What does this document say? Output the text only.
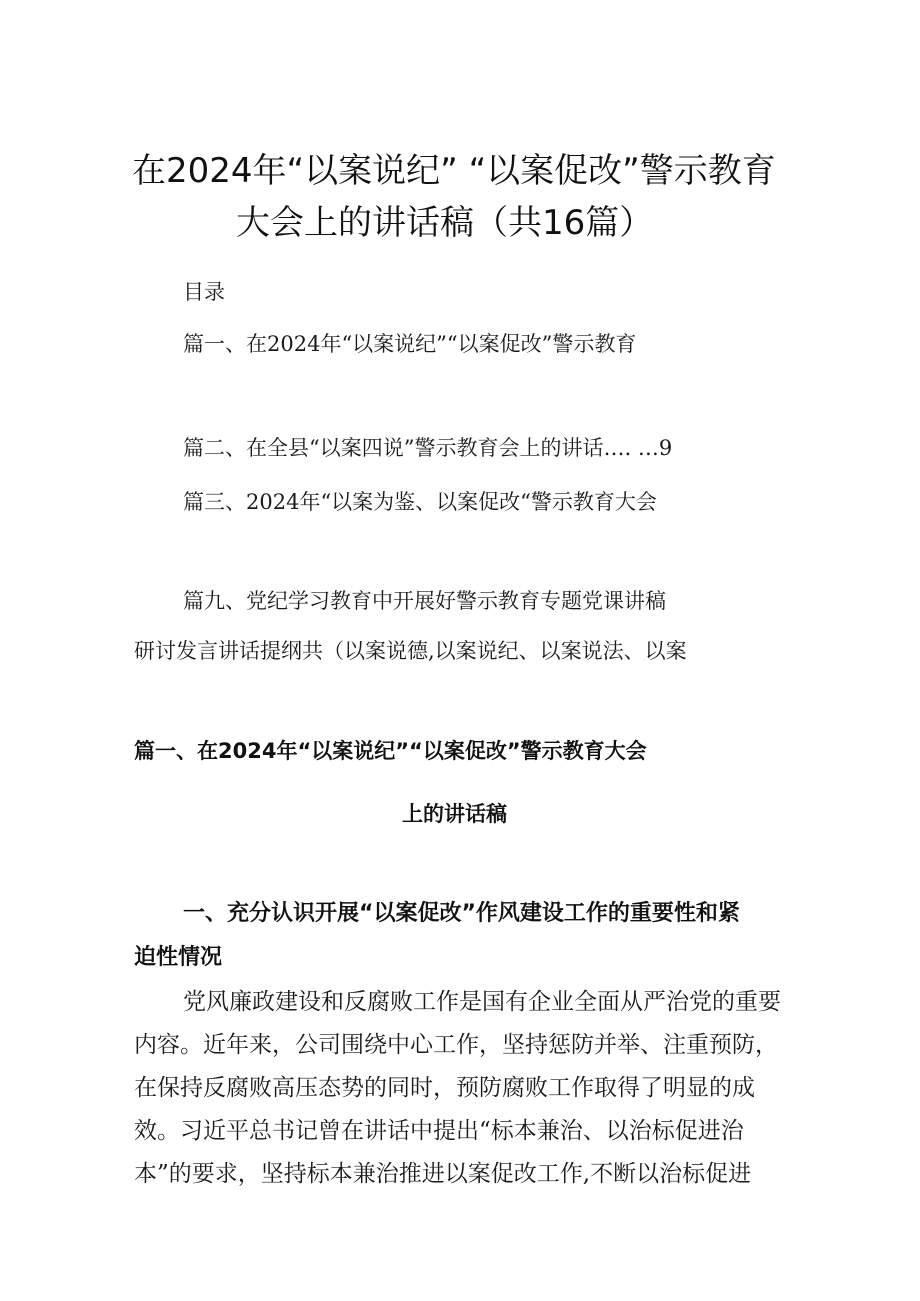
在2024年“以案说纪” “以案促改”警示教育
大会上的讲话稿（共16篇）
目录
篇一、在2024年“以案说纪”“以案促改”警示教育
篇二、在全县“以案四说”警示教育会上的讲话…. …9
篇三、2024年“以案为鉴、以案促改“警示教育大会
篇九、党纪学习教育中开展好警示教育专题党课讲稿
研讨发言讲话提纲共（以案说德,以案说纪、以案说法、以案
篇一、在2024年“以案说纪”“以案促改”警示教育大会
上的讲话稿
一、充分认识开展“以案促改”作风建设工作的重要性和紧
迫性情况
党风廉政建设和反腐败工作是国有企业全面从严治党的重要
内容。近年来，公司围绕中心工作，坚持惩防并举、注重预防，
在保持反腐败高压态势的同时，预防腐败工作取得了明显的成
效。习近平总书记曾在讲话中提出“标本兼治、以治标促进治
本”的要求，坚持标本兼治推进以案促改工作,不断以治标促进
